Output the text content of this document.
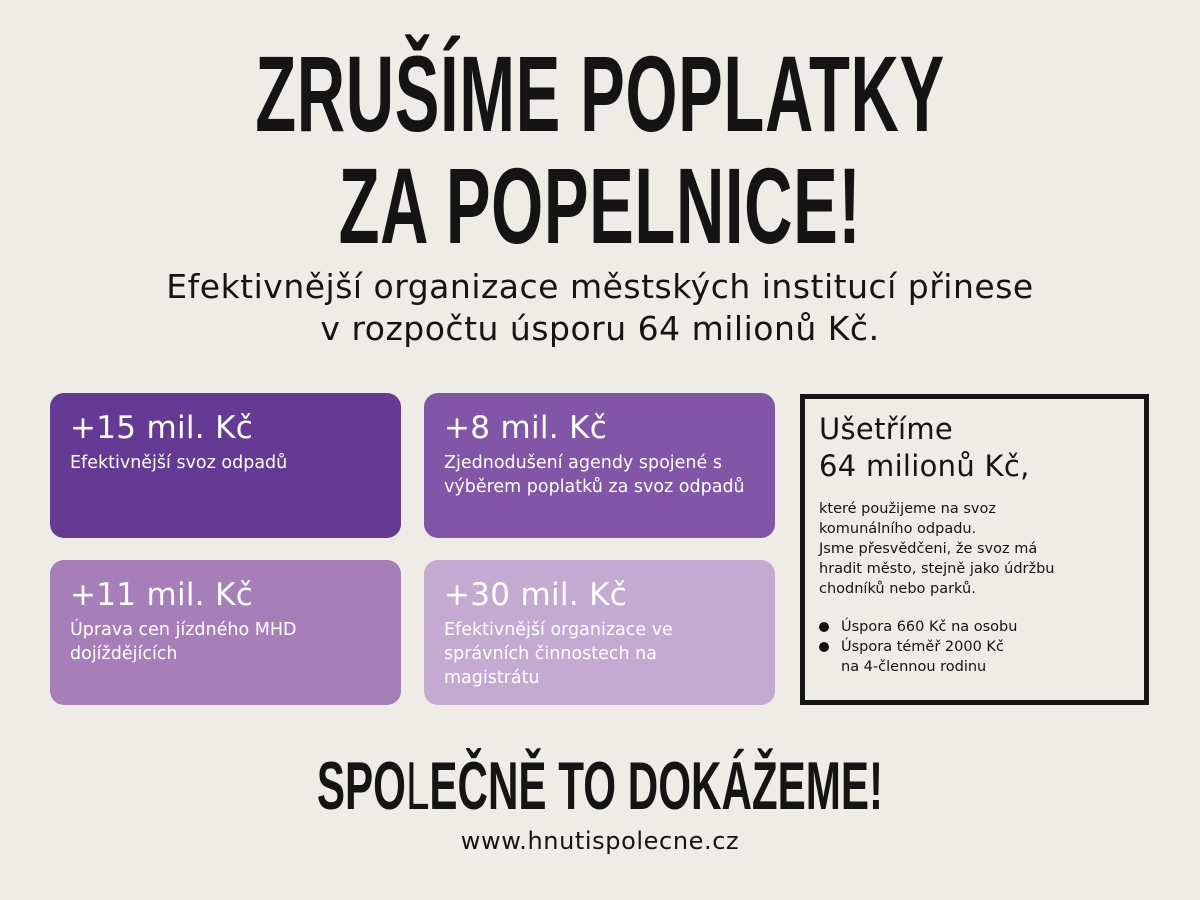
ZRUŠÍME POPLATKY
ZA POPELNICE!
Efektivnější organizace městských institucí přinese
v rozpočtu úsporu 64 milionů Kč.
+15 mil. Kč
Efektivnější svoz odpadů
+8 mil. Kč
Zjednodušení agendy spojené s výběrem poplatků za svoz odpadů
+11 mil. Kč
Úprava cen jízdného MHD dojíždějících
+30 mil. Kč
Efektivnější organizace ve správních činnostech na magistrátu
Ušetříme
64 milionů Kč,
které použijeme na svoz
komunálního odpadu.
Jsme přesvědčeni, že svoz má
hradit město, stejně jako údržbu
chodníků nebo parků.
Úspora 660 Kč na osobu
Úspora téměř 2000 Kč
na 4-člennou rodinu
SPOLEČNĚ TO DOKÁŽEME!
www.hnutispolecne.cz
